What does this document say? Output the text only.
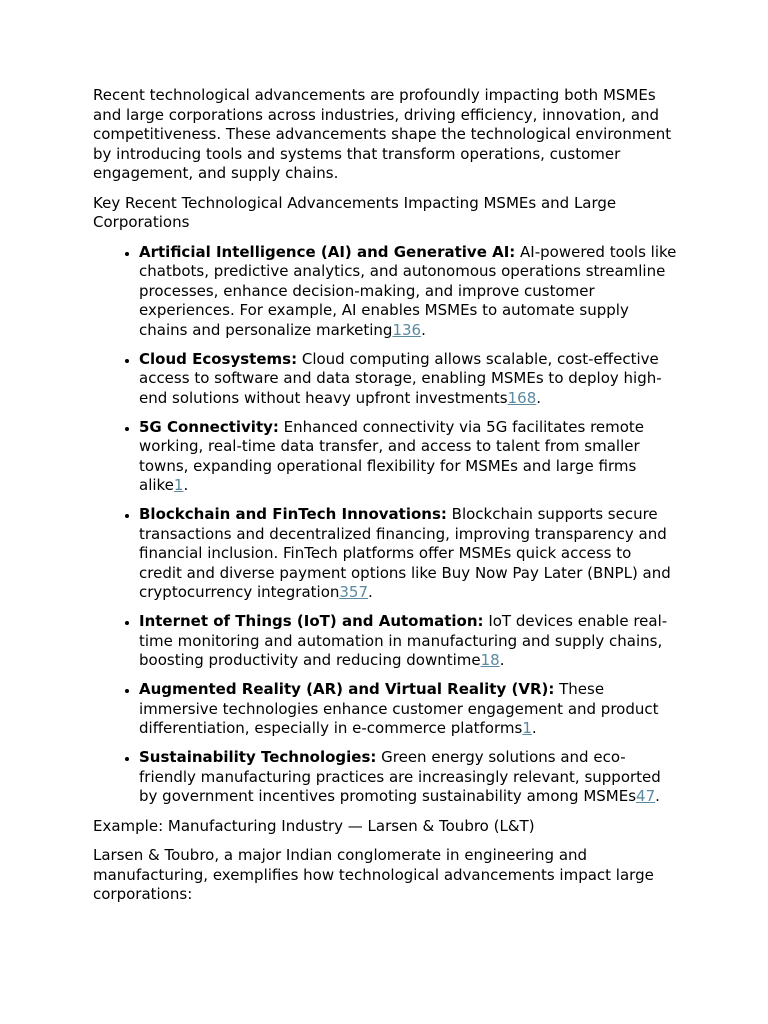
Recent technological advancements are profoundly impacting both MSMEs and large corporations across industries, driving efficiency, innovation, and competitiveness. These advancements shape the technological environment by introducing tools and systems that transform operations, customer engagement, and supply chains.

Key Recent Technological Advancements Impacting MSMEs and Large Corporations

• Artificial Intelligence (AI) and Generative AI: AI-powered tools like chatbots, predictive analytics, and autonomous operations streamline processes, enhance decision-making, and improve customer experiences. For example, AI enables MSMEs to automate supply chains and personalize marketing136.
• Cloud Ecosystems: Cloud computing allows scalable, cost-effective access to software and data storage, enabling MSMEs to deploy high-end solutions without heavy upfront investments168.
• 5G Connectivity: Enhanced connectivity via 5G facilitates remote working, real-time data transfer, and access to talent from smaller towns, expanding operational flexibility for MSMEs and large firms alike1.
• Blockchain and FinTech Innovations: Blockchain supports secure transactions and decentralized financing, improving transparency and financial inclusion. FinTech platforms offer MSMEs quick access to credit and diverse payment options like Buy Now Pay Later (BNPL) and cryptocurrency integration357.
• Internet of Things (IoT) and Automation: IoT devices enable real-time monitoring and automation in manufacturing and supply chains, boosting productivity and reducing downtime18.
• Augmented Reality (AR) and Virtual Reality (VR): These immersive technologies enhance customer engagement and product differentiation, especially in e-commerce platforms1.
• Sustainability Technologies: Green energy solutions and eco-friendly manufacturing practices are increasingly relevant, supported by government incentives promoting sustainability among MSMEs47.

Example: Manufacturing Industry — Larsen & Toubro (L&T)

Larsen & Toubro, a major Indian conglomerate in engineering and manufacturing, exemplifies how technological advancements impact large corporations:
